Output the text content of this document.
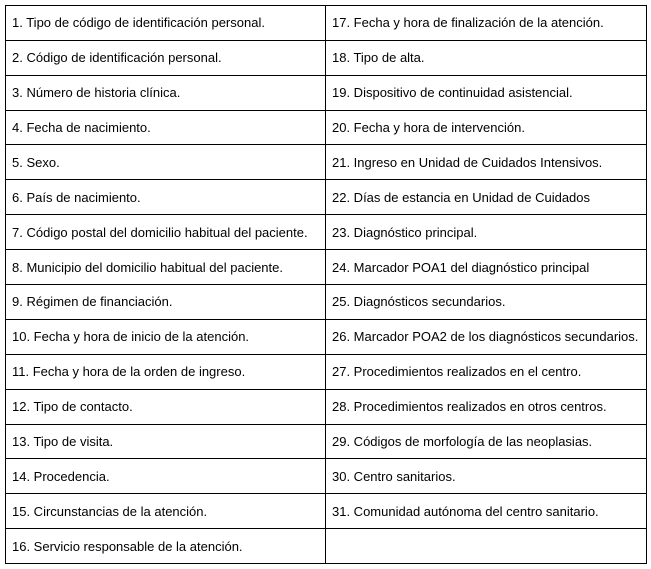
1. Tipo de código de identificación personal.	17. Fecha y hora de finalización de la atención.
2. Código de identificación personal.	18. Tipo de alta.
3. Número de historia clínica.	19. Dispositivo de continuidad asistencial.
4. Fecha de nacimiento.	20. Fecha y hora de intervención.
5. Sexo.	21. Ingreso en Unidad de Cuidados Intensivos.
6. País de nacimiento.	22. Días de estancia en Unidad de Cuidados
7. Código postal del domicilio habitual del paciente.	23. Diagnóstico principal.
8. Municipio del domicilio habitual del paciente.	24. Marcador POA1 del diagnóstico principal
9. Régimen de financiación.	25. Diagnósticos secundarios.
10. Fecha y hora de inicio de la atención.	26. Marcador POA2 de los diagnósticos secundarios.
11. Fecha y hora de la orden de ingreso.	27. Procedimientos realizados en el centro.
12. Tipo de contacto.	28. Procedimientos realizados en otros centros.
13. Tipo de visita.	29. Códigos de morfología de las neoplasias.
14. Procedencia.	30. Centro sanitarios.
15. Circunstancias de la atención.	31. Comunidad autónoma del centro sanitario.
16. Servicio responsable de la atención.	
